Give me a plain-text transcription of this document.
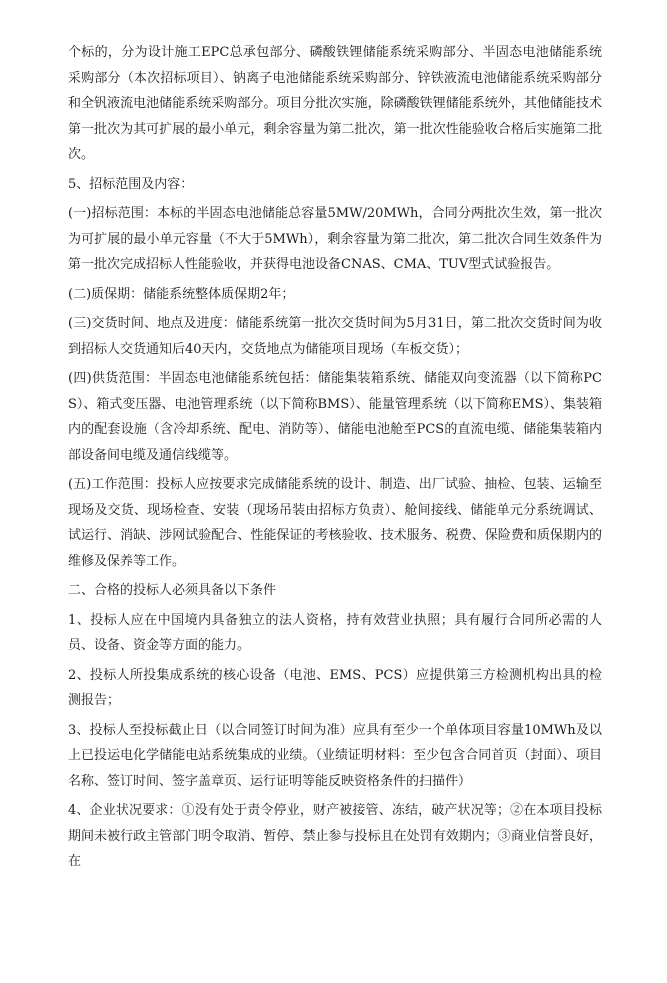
个标的，分为设计施工EPC总承包部分、磷酸铁锂储能系统采购部分、半固态电池储能系统采购部分（本次招标项目）、钠离子电池储能系统采购部分、锌铁液流电池储能系统采购部分和全钒液流电池储能系统采购部分。项目分批次实施，除磷酸铁锂储能系统外，其他储能技术第一批次为其可扩展的最小单元，剩余容量为第二批次，第一批次性能验收合格后实施第二批次。

5、招标范围及内容：

(一)招标范围：本标的半固态电池储能总容量5MW/20MWh，合同分两批次生效，第一批次为可扩展的最小单元容量（不大于5MWh），剩余容量为第二批次，第二批次合同生效条件为第一批次完成招标人性能验收，并获得电池设备CNAS、CMA、TUV型式试验报告。

(二)质保期：储能系统整体质保期2年；

(三)交货时间、地点及进度：储能系统第一批次交货时间为5月31日，第二批次交货时间为收到招标人交货通知后40天内，交货地点为储能项目现场（车板交货）；

(四)供货范围：半固态电池储能系统包括：储能集装箱系统、储能双向变流器（以下简称PCS）、箱式变压器、电池管理系统（以下简称BMS）、能量管理系统（以下简称EMS）、集装箱内的配套设施（含冷却系统、配电、消防等）、储能电池舱至PCS的直流电缆、储能集装箱内部设备间电缆及通信线缆等。

(五)工作范围：投标人应按要求完成储能系统的设计、制造、出厂试验、抽检、包装、运输至现场及交货、现场检查、安装（现场吊装由招标方负责）、舱间接线、储能单元分系统调试、试运行、消缺、涉网试验配合、性能保证的考核验收、技术服务、税费、保险费和质保期内的维修及保养等工作。

二、合格的投标人必须具备以下条件

1、投标人应在中国境内具备独立的法人资格，持有效营业执照；具有履行合同所必需的人员、设备、资金等方面的能力。

2、投标人所投集成系统的核心设备（电池、EMS、PCS）应提供第三方检测机构出具的检测报告；

3、投标人至投标截止日（以合同签订时间为准）应具有至少一个单体项目容量10MWh及以上已投运电化学储能电站系统集成的业绩。（业绩证明材料：至少包含合同首页（封面）、项目名称、签订时间、签字盖章页、运行证明等能反映资格条件的扫描件）

4、企业状况要求：①没有处于责令停业，财产被接管、冻结，破产状况等；②在本项目投标期间未被行政主管部门明令取消、暂停、禁止参与投标且在处罚有效期内；③商业信誉良好，在
